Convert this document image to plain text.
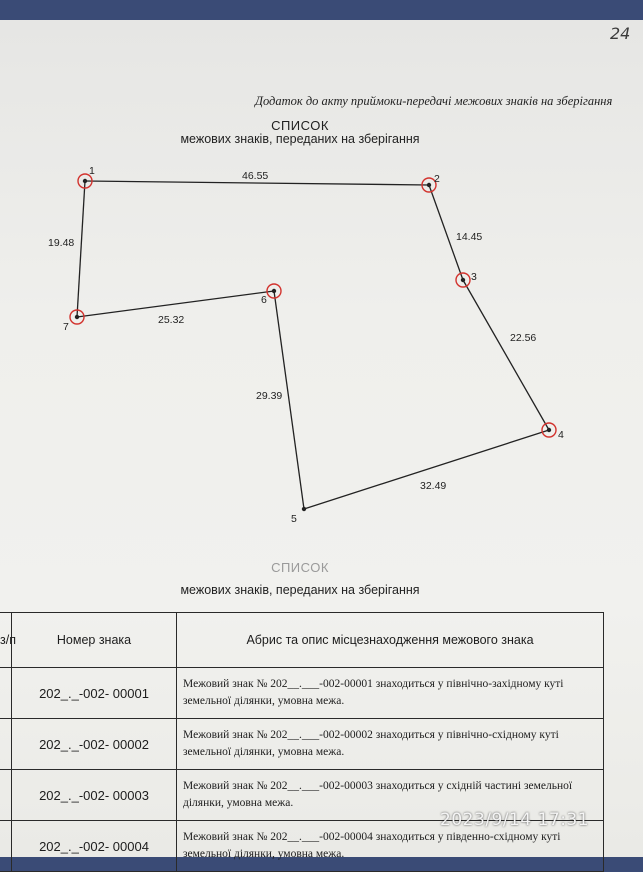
24
Додаток до акту приймоки-передачі межових знаків на зберігання
СПИСОК
межових знаків, переданих на зберігання
46.55
14.45
22.56
32.49
29.39
25.32
19.48
1
2
3
4
5
6
7
СПИСОК
межових знаків, переданих на зберігання
з/п	Номер знака	Абрис та опис місцезнаходження межового знака
	202_._-002- 00001	Межовий знак № 202__.___-002-00001 знаходиться у північно-західному куті земельної ділянки, умовна межа.
	202_._-002- 00002	Межовий знак № 202__.___-002-00002 знаходиться у північно-східному куті земельної ділянки, умовна межа.
	202_._-002- 00003	Межовий знак № 202__.___-002-00003 знаходиться у східній частині земельної ділянки, умовна межа.
	202_._-002- 00004	Межовий знак № 202__.___-002-00004 знаходиться у південно-східному куті земельної ділянки, умовна межа.
2023/9/14 17:31
